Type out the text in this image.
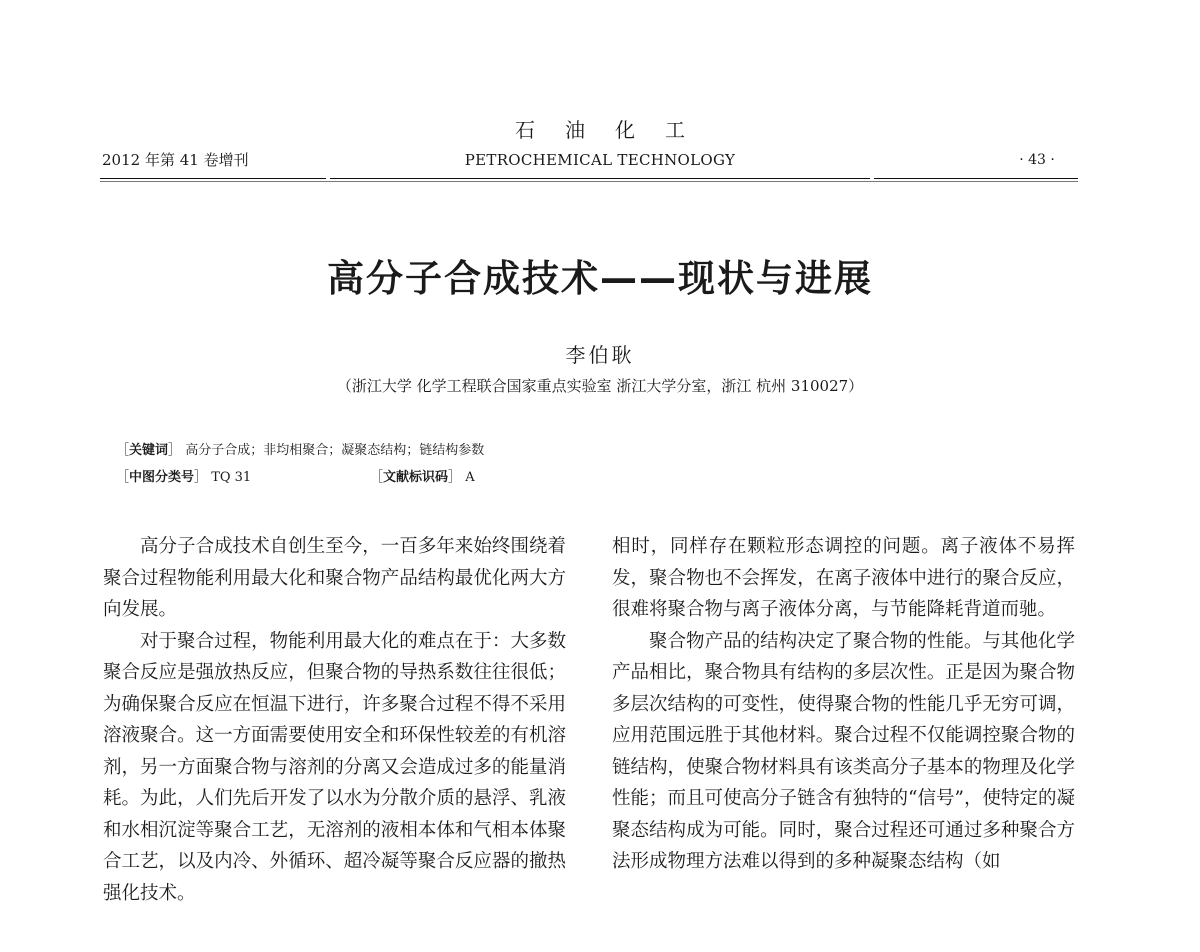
石油化工
2012 年第 41 卷增刊	PETROCHEMICAL TECHNOLOGY	· 43 ·
高分子合成技术——现状与进展
李伯耿
（浙江大学 化学工程联合国家重点实验室 浙江大学分室，浙江 杭州 310027）
［关键词］ 高分子合成；非均相聚合；凝聚态结构；链结构参数
［中图分类号］ TQ 31	［文献标识码］ A

高分子合成技术自创生至今，一百多年来始终围绕着聚合过程物能利用最大化和聚合物产品结构最优化两大方向发展。

对于聚合过程，物能利用最大化的难点在于：大多数聚合反应是强放热反应，但聚合物的导热系数往往很低；为确保聚合反应在恒温下进行，许多聚合过程不得不采用溶液聚合。这一方面需要使用安全和环保性较差的有机溶剂，另一方面聚合物与溶剂的分离又会造成过多的能量消耗。为此，人们先后开发了以水为分散介质的悬浮、乳液和水相沉淀等聚合工艺，无溶剂的液相本体和气相本体聚合工艺，以及内冷、外循环、超冷凝等聚合反应器的撤热强化技术。

相时，同样存在颗粒形态调控的问题。离子液体不易挥发，聚合物也不会挥发，在离子液体中进行的聚合反应，很难将聚合物与离子液体分离，与节能降耗背道而驰。

聚合物产品的结构决定了聚合物的性能。与其他化学产品相比，聚合物具有结构的多层次性。正是因为聚合物多层次结构的可变性，使得聚合物的性能几乎无穷可调，应用范围远胜于其他材料。聚合过程不仅能调控聚合物的链结构，使聚合物材料具有该类高分子基本的物理及化学性能；而且可使高分子链含有独特的“信号”，使特定的凝聚态结构成为可能。同时，聚合过程还可通过多种聚合方法形成物理方法难以得到的多种凝聚态结构（如
